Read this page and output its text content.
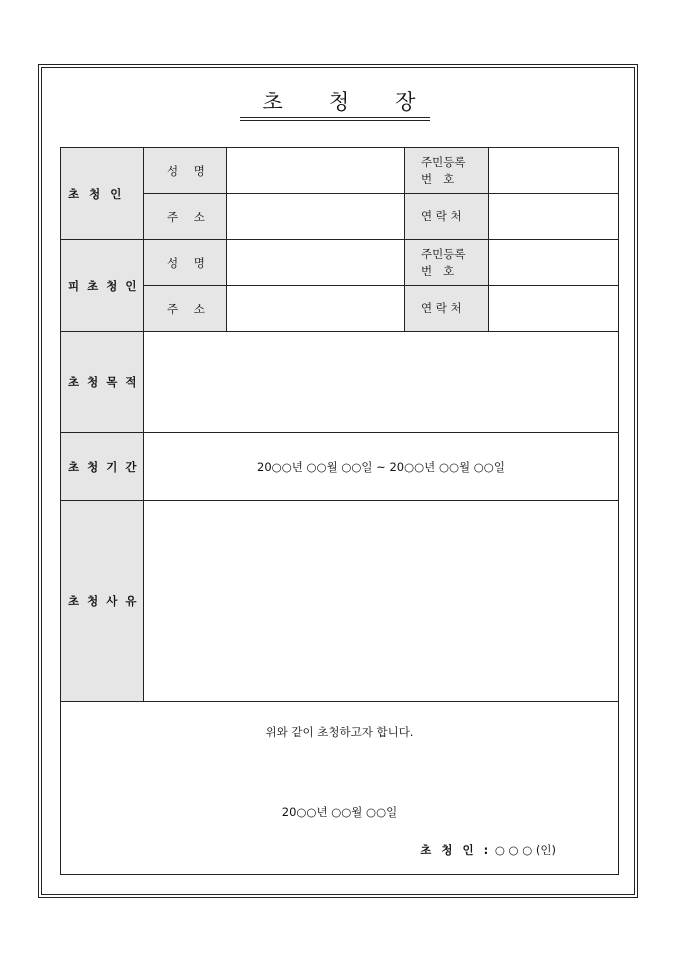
초 청 장
초 청 인	성 명		주민등록
번   호	

	주 소		연 락 처	
피 초 청 인	성 명		주민등록
번   호	

	주 소		연 락 처	
초 청 목 적				
초 청 기 간	20○○년 ○○월 ○○일 ~ 20○○년 ○○월 ○○일			
초 청 사 유				

위와 같이 초청하고자 합니다.
20○○년 ○○월 ○○일
초 청 인 : ○ ○ ○ (인)				
